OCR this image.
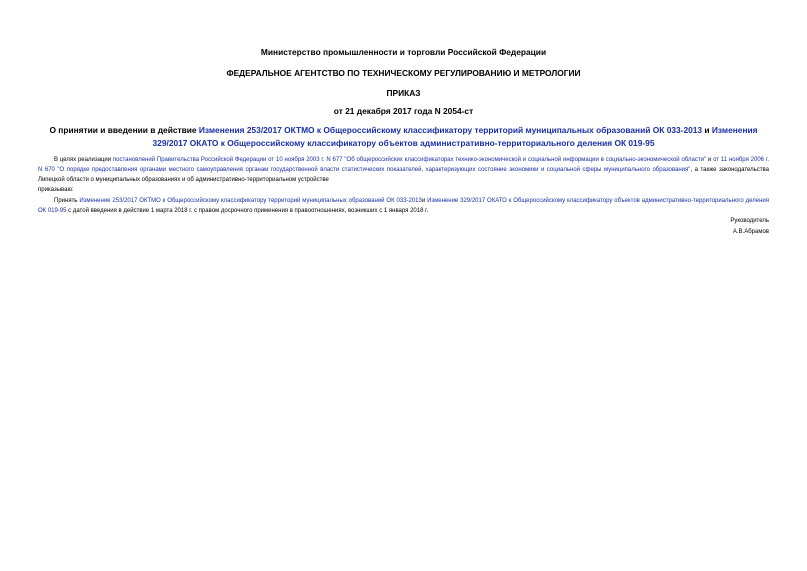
Министерство промышленности и торговли Российской Федерации
ФЕДЕРАЛЬНОЕ АГЕНТСТВО ПО ТЕХНИЧЕСКОМУ РЕГУЛИРОВАНИЮ И МЕТРОЛОГИИ
ПРИКАЗ
от 21 декабря 2017 года N 2054-ст
О принятии и введении в действие Изменения 253/2017 ОКТМО к Общероссийскому классификатору территорий муниципальных образований ОК 033-2013 и Изменения 329/2017 ОКАТО к Общероссийскому классификатору объектов административно-территориального деления ОК 019-95
В целях реализации постановлений Правительства Российской Федерации от 10 ноября 2003 г. N 677 "Об общероссийских классификаторах технико-экономической и социальной информации в социально-экономической области" и от 11 ноября 2006 г. N 670 "О порядке предоставления органами местного самоуправления органам государственной власти статистических показателей, характеризующих состояние экономики и социальной сферы муниципального образования", а также законодательства Липецкой области о муниципальных образованиях и об административно-территориальном устройстве
приказываю:
Принять Изменение 253/2017 ОКТМО к Общероссийскому классификатору территорий муниципальных образований ОК 033-2013и Изменение 329/2017 ОКАТО к Общероссийскому классификатору объектов административно-территориального деления ОК 019-95 с датой введения в действие 1 марта 2018 г. с правом досрочного применения в правоотношениях, возникших с 1 января 2018 г.
Руководитель
А.В.Абрамов
